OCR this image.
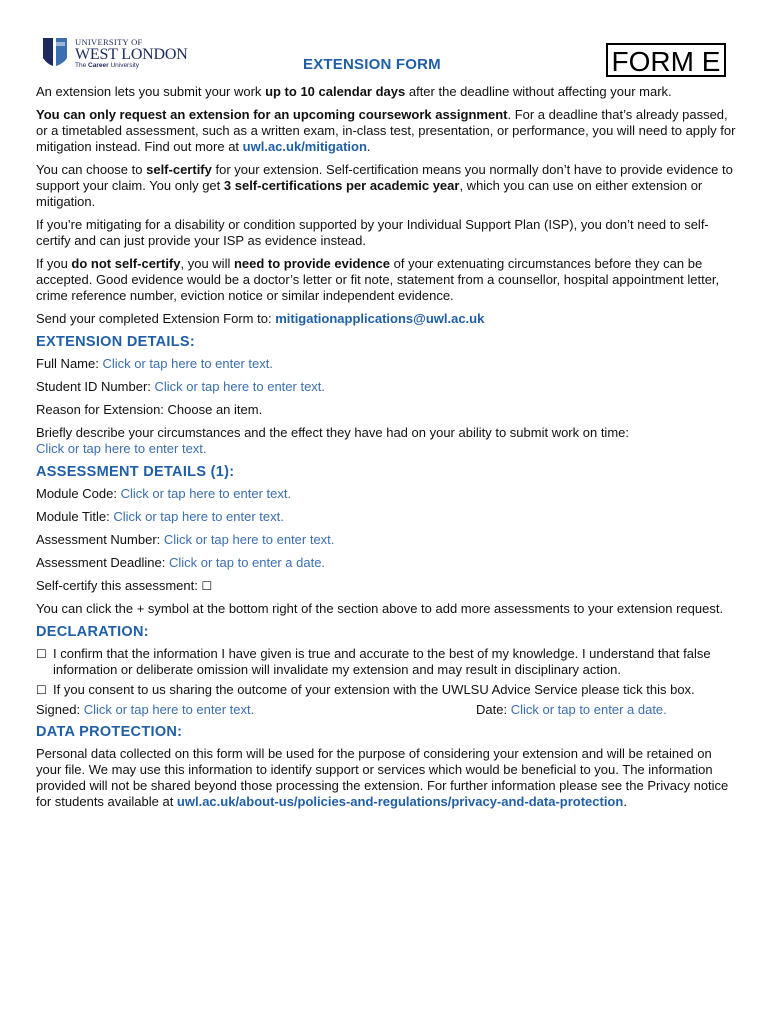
UNIVERSITY OF
WEST LONDON
The Career University	EXTENSION FORM	FORM E

An extension lets you submit your work up to 10 calendar days after the deadline without affecting your mark.

You can only request an extension for an upcoming coursework assignment. For a deadline that’s already passed, or a timetabled assessment, such as a written exam, in-class test, presentation, or performance, you will need to apply for mitigation instead. Find out more at uwl.ac.uk/mitigation.

You can choose to self-certify for your extension. Self-certification means you normally don’t have to provide evidence to support your claim. You only get 3 self-certifications per academic year, which you can use on either extension or mitigation.

If you’re mitigating for a disability or condition supported by your Individual Support Plan (ISP), you don’t need to self-certify and can just provide your ISP as evidence instead.

If you do not self-certify, you will need to provide evidence of your extenuating circumstances before they can be accepted. Good evidence would be a doctor’s letter or fit note, statement from a counsellor, hospital appointment letter, crime reference number, eviction notice or similar independent evidence.

Send your completed Extension Form to: mitigationapplications@uwl.ac.uk

EXTENSION DETAILS:
Full Name: Click or tap here to enter text.
Student ID Number: Click or tap here to enter text.
Reason for Extension: Choose an item.
Briefly describe your circumstances and the effect they have had on your ability to submit work on time:
Click or tap here to enter text.
ASSESSMENT DETAILS (1):
Module Code: Click or tap here to enter text.
Module Title: Click or tap here to enter text.
Assessment Number: Click or tap here to enter text.
Assessment Deadline: Click or tap to enter a date.
Self-certify this assessment: ☐

You can click the + symbol at the bottom right of the section above to add more assessments to your extension request.

DECLARATION:
☐ I confirm that the information I have given is true and accurate to the best of my knowledge. I understand that false information or deliberate omission will invalidate my extension and may result in disciplinary action.
☐ If you consent to us sharing the outcome of your extension with the UWLSU Advice Service please tick this box.
Signed: Click or tap here to enter text.	Date: Click or tap to enter a date.
DATA PROTECTION:

Personal data collected on this form will be used for the purpose of considering your extension and will be retained on your file. We may use this information to identify support or services which would be beneficial to you. The information provided will not be shared beyond those processing the extension. For further information please see the Privacy notice for students available at uwl.ac.uk/about-us/policies-and-regulations/privacy-and-data-protection.
